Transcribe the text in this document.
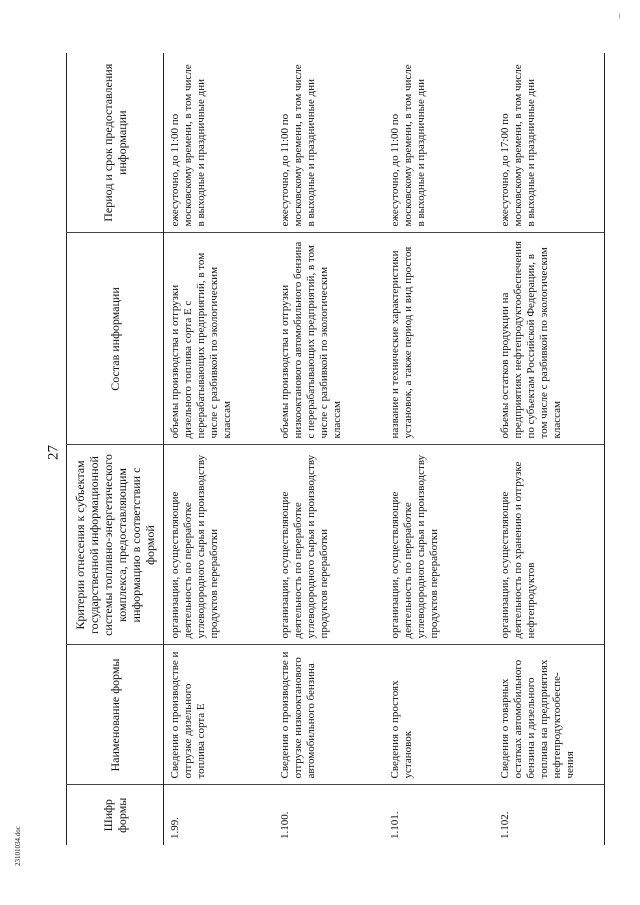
27
Шифр формы	Наименование формы	Критерии отнесения к субъектам государственной информационной системы топливно-энергетического комплекса, предоставляющим информацию в соответствии с формой	Состав информации	Период и срок предоставления информации
1.99.	Сведения о производстве и отгрузке дизельного топлива сорта Е	организации, осуществляющие деятельность по переработке углеводородного сырья и производству продуктов переработки	объемы производства и отгрузки дизельного топлива сорта Е с перерабатывающих предприятий, в том числе с разбивкой по экологическим классам	ежесуточно, до 11:00 по московскому времени, в том числе в выходные и праздничные дни
1.100.	Сведения о производстве и отгрузке низкооктанового автомобильного бензина	организации, осуществляющие деятельность по переработке углеводородного сырья и производству продуктов переработки	объемы производства и отгрузки низкооктанового автомобильного бензина с перерабатывающих предприятий, в том числе с разбивкой по экологическим классам	ежесуточно, до 11:00 по московскому времени, в том числе в выходные и праздничные дни
1.101.	Сведения о простоях установок	организации, осуществляющие деятельность по переработке углеводородного сырья и производству продуктов переработки	название и технические характеристики установок, а также период и вид простоя	ежесуточно, до 11:00 по московскому времени, в том числе в выходные и праздничные дни
1.102.	Сведения о товарных остатках автомобильного бензина и дизельного топлива на предприятиях нефтепродуктообеспе-чения	организации, осуществляющие деятельность по хранению и отгрузке нефтепродуктов	объемы остатков продукции на предприятиях нефтепродуктообеспечения по субъектам Российской Федерации, в том числе с разбивкой по экологическим классам	ежесуточно, до 17:00 по московскому времени, в том числе в выходные и праздничные дни
23101034.doc
